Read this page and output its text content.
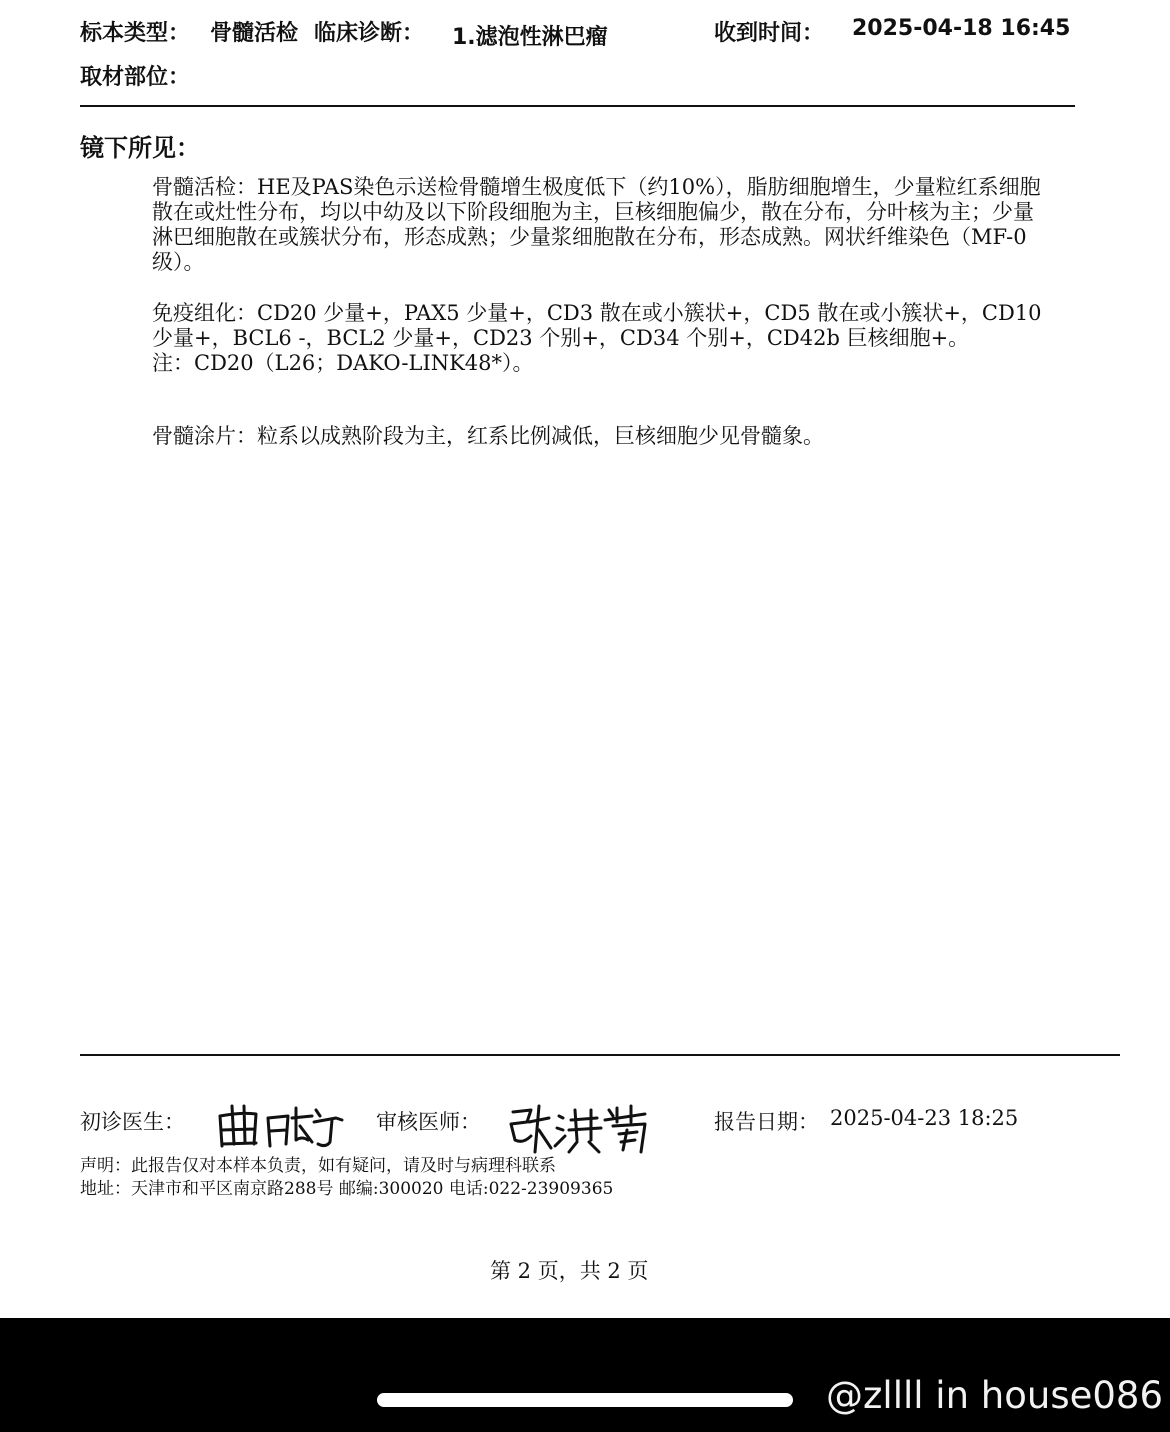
标本类型： 骨髓活检 临床诊断： 1.滤泡性淋巴瘤	收到时间： 2025-04-18 16:45
取材部位：
镜下所见：

骨髓活检：HE及PAS染色示送检骨髓增生极度低下（约10%），脂肪细胞增生，少量粒红系细胞散在或灶性分布，均以中幼及以下阶段细胞为主，巨核细胞偏少，散在分布，分叶核为主；少量淋巴细胞散在或簇状分布，形态成熟；少量浆细胞散在分布，形态成熟。网状纤维染色（MF-0级）。

免疫组化：CD20 少量+，PAX5 少量+，CD3 散在或小簇状+，CD5 散在或小簇状+，CD10 少量+，BCL6 -，BCL2 少量+，CD23 个别+，CD34 个别+，CD42b 巨核细胞+。

注：CD20（L26；DAKO-LINK48*）。

骨髓涂片：粒系以成熟阶段为主，红系比例减低，巨核细胞少见骨髓象。

初诊医生：	审核医师：	报告日期： 2025-04-23 18:25
声明：此报告仅对本样本负责，如有疑问，请及时与病理科联系
地址：天津市和平区南京路288号 邮编:300020 电话:022-23909365
第 2 页，共 2 页
@zllll in house086
